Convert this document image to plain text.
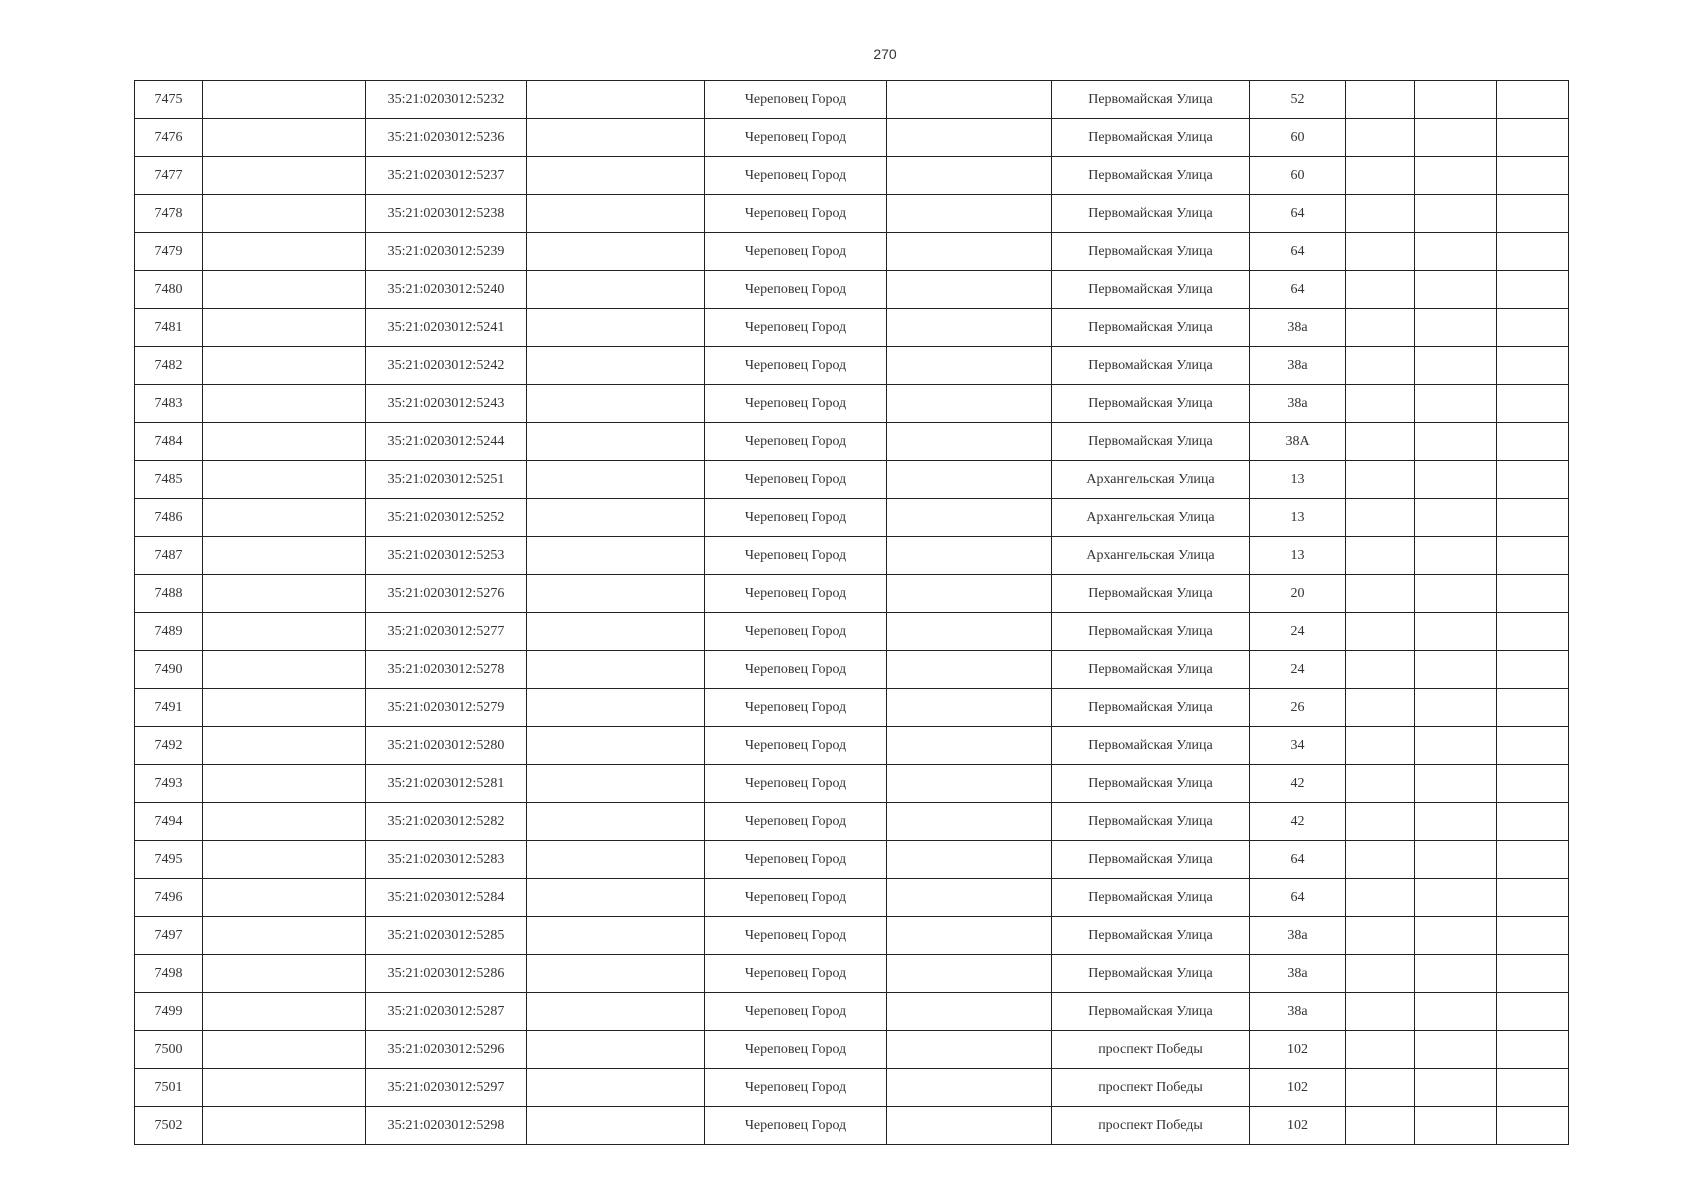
270
7475		35:21:0203012:5232		Череповец Город		Первомайская Улица	52			
7476		35:21:0203012:5236		Череповец Город		Первомайская Улица	60			
7477		35:21:0203012:5237		Череповец Город		Первомайская Улица	60			
7478		35:21:0203012:5238		Череповец Город		Первомайская Улица	64			
7479		35:21:0203012:5239		Череповец Город		Первомайская Улица	64			
7480		35:21:0203012:5240		Череповец Город		Первомайская Улица	64			
7481		35:21:0203012:5241		Череповец Город		Первомайская Улица	38а			
7482		35:21:0203012:5242		Череповец Город		Первомайская Улица	38а			
7483		35:21:0203012:5243		Череповец Город		Первомайская Улица	38а			
7484		35:21:0203012:5244		Череповец Город		Первомайская Улица	38А			
7485		35:21:0203012:5251		Череповец Город		Архангельская Улица	13			
7486		35:21:0203012:5252		Череповец Город		Архангельская Улица	13			
7487		35:21:0203012:5253		Череповец Город		Архангельская Улица	13			
7488		35:21:0203012:5276		Череповец Город		Первомайская Улица	20			
7489		35:21:0203012:5277		Череповец Город		Первомайская Улица	24			
7490		35:21:0203012:5278		Череповец Город		Первомайская Улица	24			
7491		35:21:0203012:5279		Череповец Город		Первомайская Улица	26			
7492		35:21:0203012:5280		Череповец Город		Первомайская Улица	34			
7493		35:21:0203012:5281		Череповец Город		Первомайская Улица	42			
7494		35:21:0203012:5282		Череповец Город		Первомайская Улица	42			
7495		35:21:0203012:5283		Череповец Город		Первомайская Улица	64			
7496		35:21:0203012:5284		Череповец Город		Первомайская Улица	64			
7497		35:21:0203012:5285		Череповец Город		Первомайская Улица	38а			
7498		35:21:0203012:5286		Череповец Город		Первомайская Улица	38а			
7499		35:21:0203012:5287		Череповец Город		Первомайская Улица	38а			
7500		35:21:0203012:5296		Череповец Город		проспект Победы	102			
7501		35:21:0203012:5297		Череповец Город		проспект Победы	102			
7502		35:21:0203012:5298		Череповец Город		проспект Победы	102			
